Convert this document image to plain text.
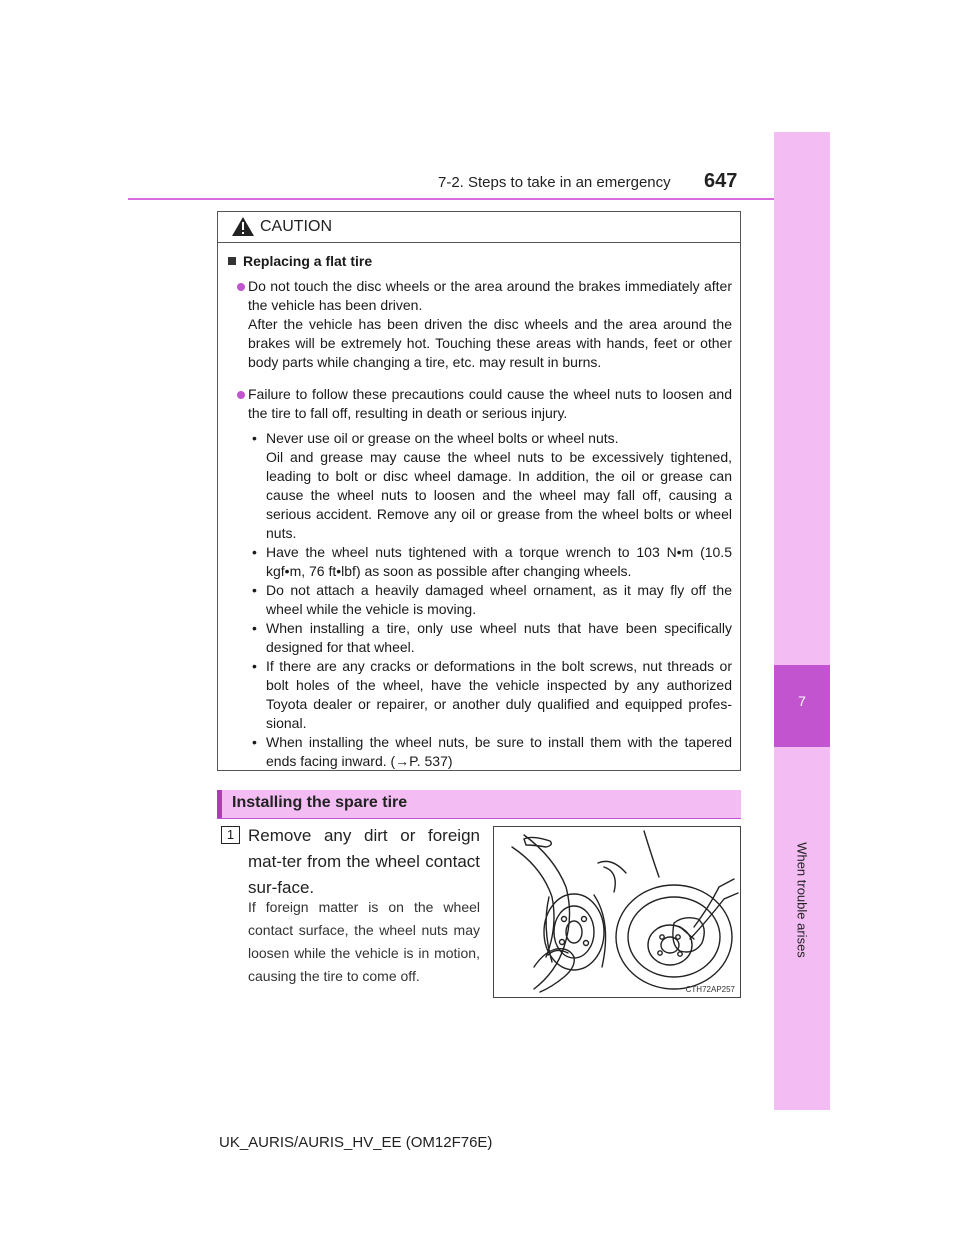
7-2. Steps to take in an emergency 647
7
When trouble arises
CAUTION
Replacing a flat tire
Do not touch the disc wheels or the area around the brakes immediately after the vehicle has been driven.
After the vehicle has been driven the disc wheels and the area around the brakes will be extremely hot. Touching these areas with hands, feet or other body parts while changing a tire, etc. may result in burns.
Failure to follow these precautions could cause the wheel nuts to loosen and the tire to fall off, resulting in death or serious injury.
• Never use oil or grease on the wheel bolts or wheel nuts.
Oil and grease may cause the wheel nuts to be excessively tightened, leading to bolt or disc wheel damage. In addition, the oil or grease can cause the wheel nuts to loosen and the wheel may fall off, causing a serious accident. Remove any oil or grease from the wheel bolts or wheel nuts.
• Have the wheel nuts tightened with a torque wrench to 103 N•m (10.5 kgf•m, 76 ft•lbf) as soon as possible after changing wheels.
• Do not attach a heavily damaged wheel ornament, as it may fly off the wheel while the vehicle is moving.
• When installing a tire, only use wheel nuts that have been specifically designed for that wheel.
• If there are any cracks or deformations in the bolt screws, nut threads or bolt holes of the wheel, have the vehicle inspected by any authorized Toyota dealer or repairer, or another duly qualified and equipped profes-sional.
• When installing the wheel nuts, be sure to install them with the tapered ends facing inward. (→P. 537)
Installing the spare tire
1 Remove any dirt or foreign mat-ter from the wheel contact sur-face.
If foreign matter is on the wheel contact surface, the wheel nuts may loosen while the vehicle is in motion, causing the tire to come off.
CTH72AP257
UK_AURIS/AURIS_HV_EE (OM12F76E)
